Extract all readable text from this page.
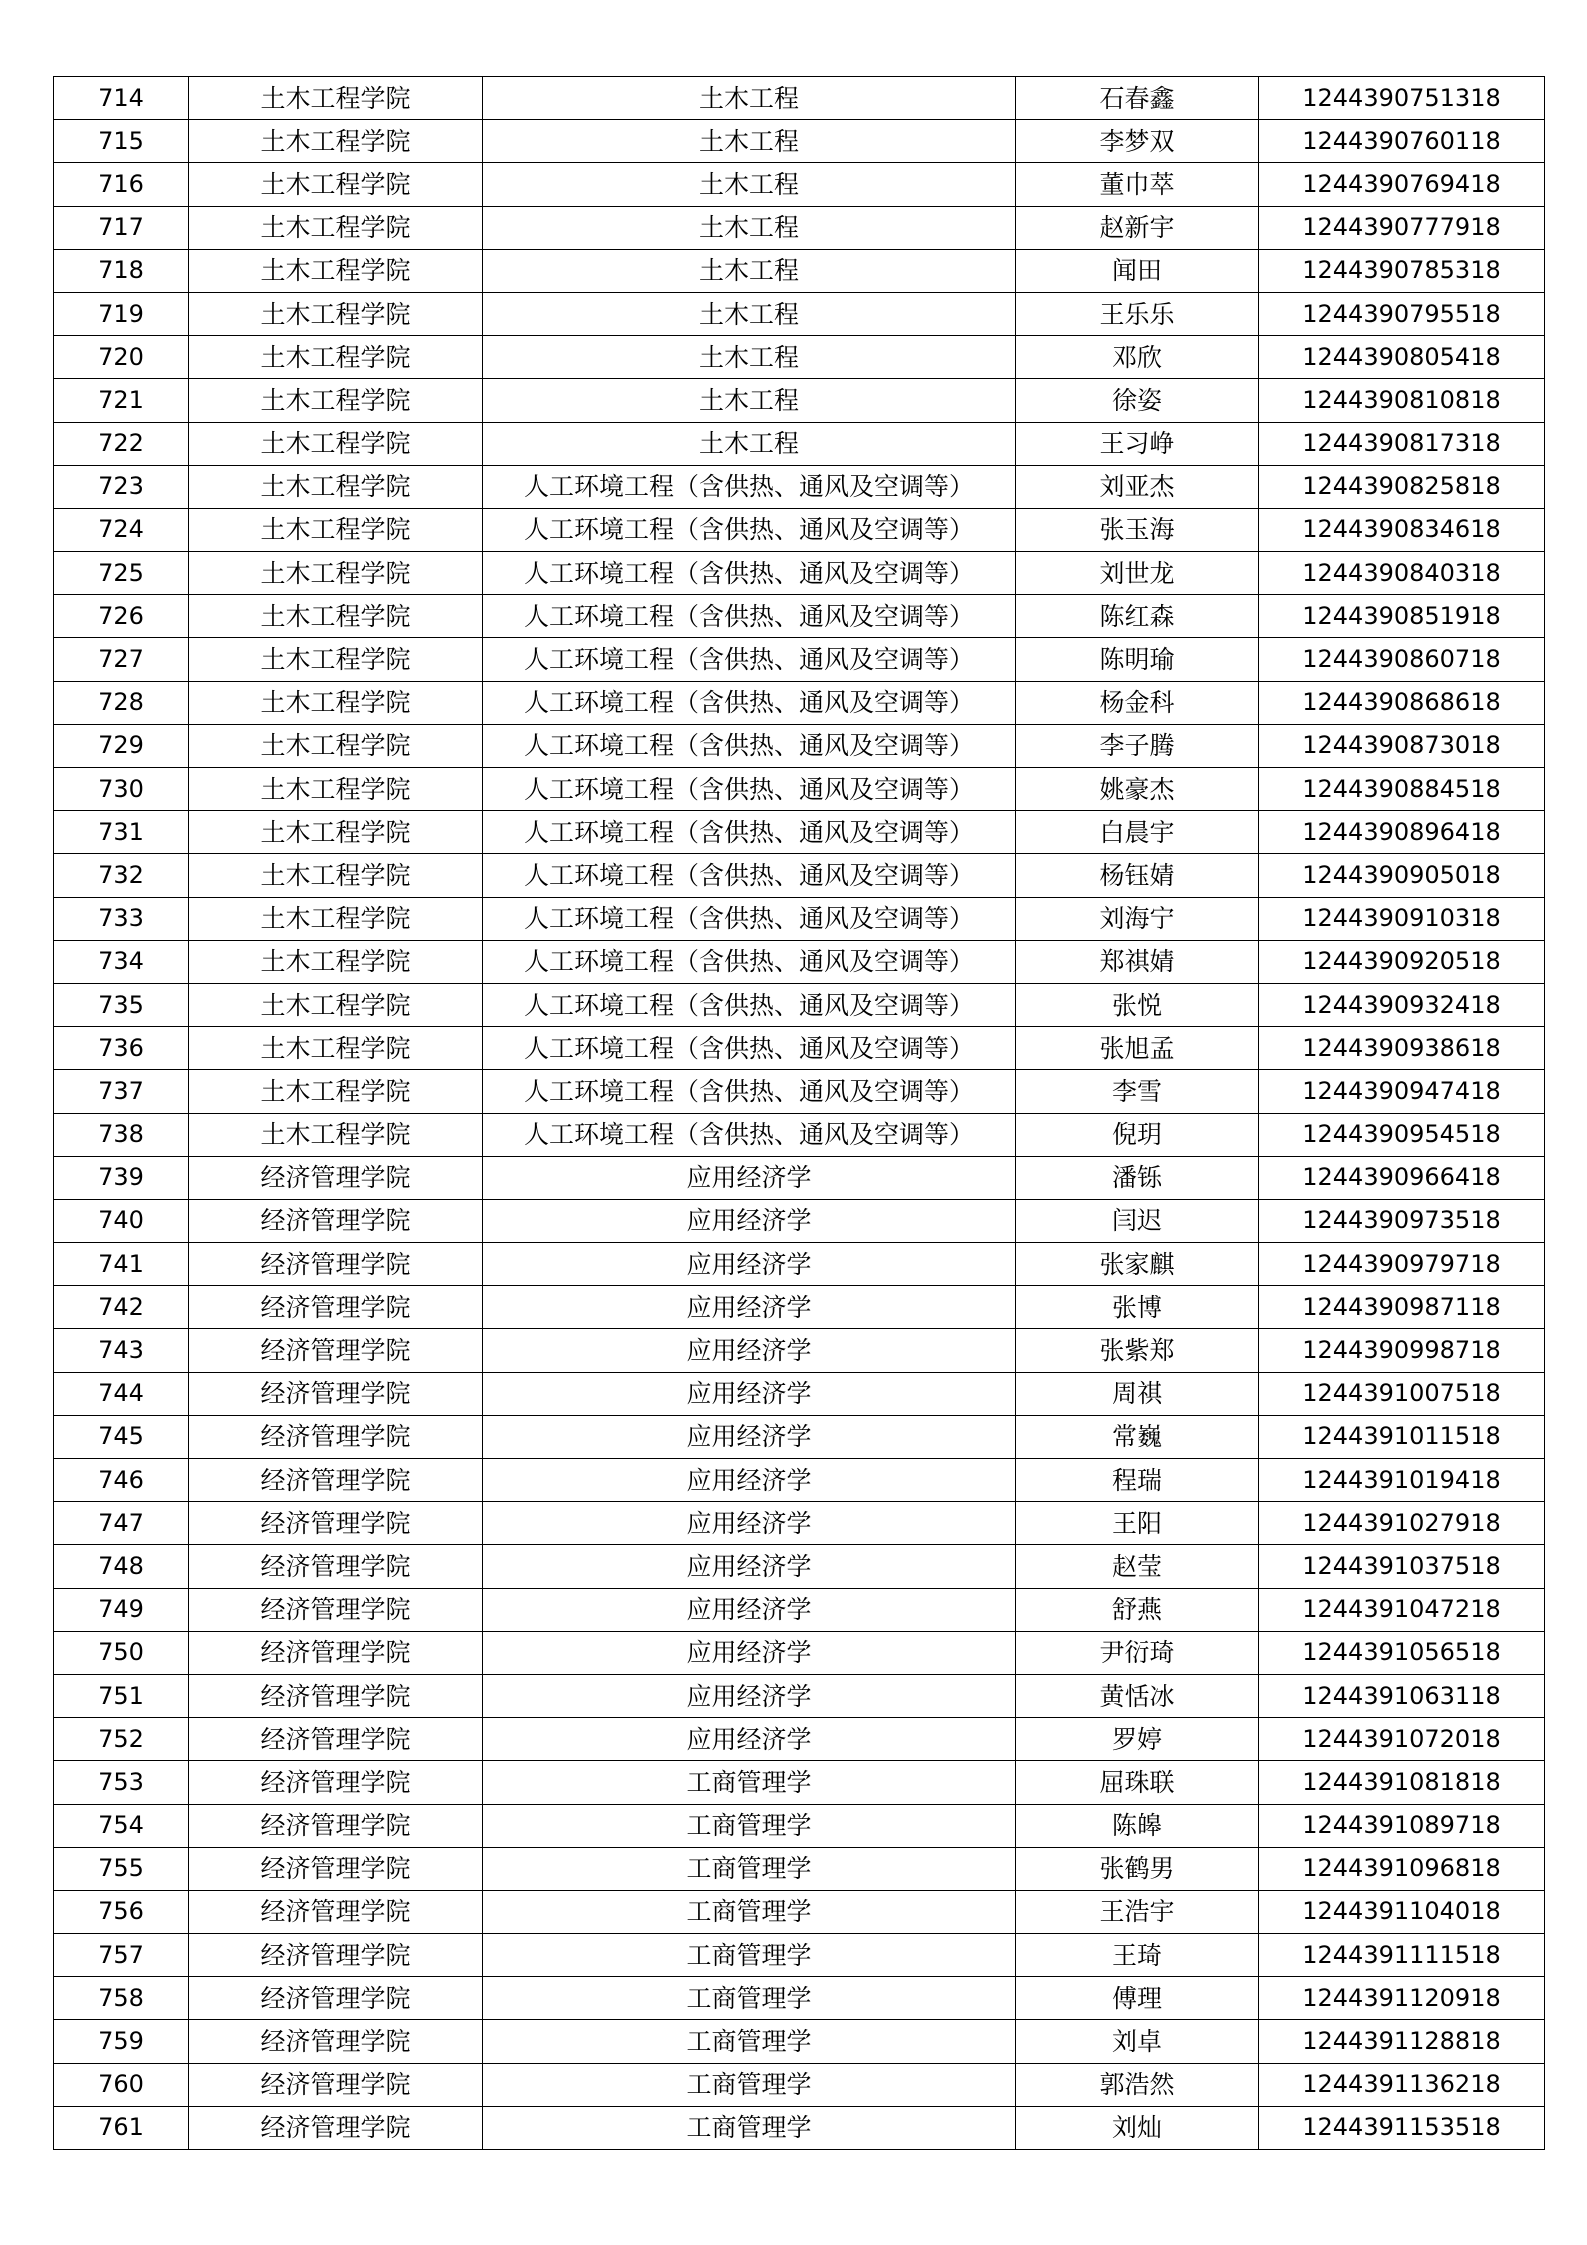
714	土木工程学院	土木工程	石春鑫	1244390751318
715	土木工程学院	土木工程	李梦双	1244390760118
716	土木工程学院	土木工程	董巾萃	1244390769418
717	土木工程学院	土木工程	赵新宇	1244390777918
718	土木工程学院	土木工程	闻田	1244390785318
719	土木工程学院	土木工程	王乐乐	1244390795518
720	土木工程学院	土木工程	邓欣	1244390805418
721	土木工程学院	土木工程	徐姿	1244390810818
722	土木工程学院	土木工程	王习峥	1244390817318
723	土木工程学院	人工环境工程（含供热、通风及空调等）	刘亚杰	1244390825818
724	土木工程学院	人工环境工程（含供热、通风及空调等）	张玉海	1244390834618
725	土木工程学院	人工环境工程（含供热、通风及空调等）	刘世龙	1244390840318
726	土木工程学院	人工环境工程（含供热、通风及空调等）	陈红森	1244390851918
727	土木工程学院	人工环境工程（含供热、通风及空调等）	陈明瑜	1244390860718
728	土木工程学院	人工环境工程（含供热、通风及空调等）	杨金科	1244390868618
729	土木工程学院	人工环境工程（含供热、通风及空调等）	李子腾	1244390873018
730	土木工程学院	人工环境工程（含供热、通风及空调等）	姚豪杰	1244390884518
731	土木工程学院	人工环境工程（含供热、通风及空调等）	白晨宇	1244390896418
732	土木工程学院	人工环境工程（含供热、通风及空调等）	杨钰婧	1244390905018
733	土木工程学院	人工环境工程（含供热、通风及空调等）	刘海宁	1244390910318
734	土木工程学院	人工环境工程（含供热、通风及空调等）	郑祺婧	1244390920518
735	土木工程学院	人工环境工程（含供热、通风及空调等）	张悦	1244390932418
736	土木工程学院	人工环境工程（含供热、通风及空调等）	张旭孟	1244390938618
737	土木工程学院	人工环境工程（含供热、通风及空调等）	李雪	1244390947418
738	土木工程学院	人工环境工程（含供热、通风及空调等）	倪玥	1244390954518
739	经济管理学院	应用经济学	潘铄	1244390966418
740	经济管理学院	应用经济学	闫迟	1244390973518
741	经济管理学院	应用经济学	张家麒	1244390979718
742	经济管理学院	应用经济学	张博	1244390987118
743	经济管理学院	应用经济学	张紫郑	1244390998718
744	经济管理学院	应用经济学	周祺	1244391007518
745	经济管理学院	应用经济学	常巍	1244391011518
746	经济管理学院	应用经济学	程瑞	1244391019418
747	经济管理学院	应用经济学	王阳	1244391027918
748	经济管理学院	应用经济学	赵莹	1244391037518
749	经济管理学院	应用经济学	舒燕	1244391047218
750	经济管理学院	应用经济学	尹衍琦	1244391056518
751	经济管理学院	应用经济学	黄恬冰	1244391063118
752	经济管理学院	应用经济学	罗婷	1244391072018
753	经济管理学院	工商管理学	屈珠联	1244391081818
754	经济管理学院	工商管理学	陈皞	1244391089718
755	经济管理学院	工商管理学	张鹤男	1244391096818
756	经济管理学院	工商管理学	王浩宇	1244391104018
757	经济管理学院	工商管理学	王琦	1244391111518
758	经济管理学院	工商管理学	傅理	1244391120918
759	经济管理学院	工商管理学	刘卓	1244391128818
760	经济管理学院	工商管理学	郭浩然	1244391136218
761	经济管理学院	工商管理学	刘灿	1244391153518
